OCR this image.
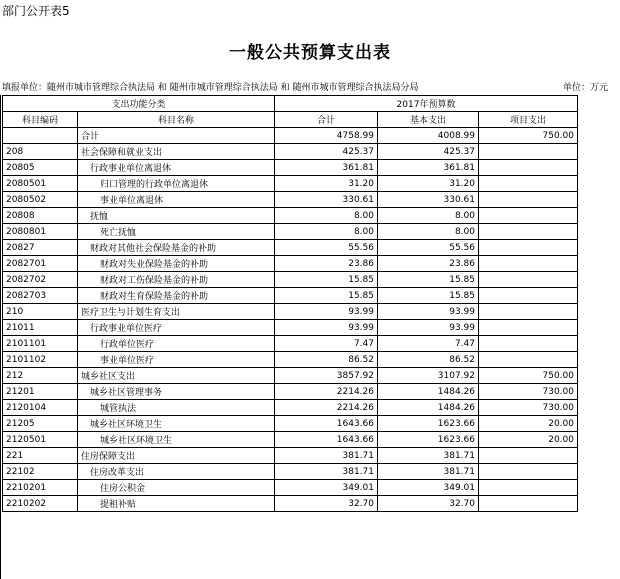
部门公开表5
一般公共预算支出表
填报单位：随州市城市管理综合执法局 和 随州市城市管理综合执法局 和 随州市城市管理综合执法局分局	单位：万元
支出功能分类		2017年预算数			
科目编码	科目名称	合计	基本支出	项目支出	
	合计	4758.99	4008.99	750.00	
208	社会保障和就业支出	425.37	425.37		
20805	行政事业单位离退休	361.81	361.81		
2080501	归口管理的行政单位离退休	31.20	31.20		
2080502	事业单位离退休	330.61	330.61		
20808	抚恤	8.00	8.00		
2080801	死亡抚恤	8.00	8.00		
20827	财政对其他社会保险基金的补助	55.56	55.56		
2082701	财政对失业保险基金的补助	23.86	23.86		
2082702	财政对工伤保险基金的补助	15.85	15.85		
2082703	财政对生育保险基金的补助	15.85	15.85		
210	医疗卫生与计划生育支出	93.99	93.99		
21011	行政事业单位医疗	93.99	93.99		
2101101	行政单位医疗	7.47	7.47		
2101102	事业单位医疗	86.52	86.52		
212	城乡社区支出	3857.92	3107.92	750.00	
21201	城乡社区管理事务	2214.26	1484.26	730.00	
2120104	城管执法	2214.26	1484.26	730.00	
21205	城乡社区环境卫生	1643.66	1623.66	20.00	
2120501	城乡社区环境卫生	1643.66	1623.66	20.00	
221	住房保障支出	381.71	381.71		
22102	住房改革支出	381.71	381.71		
2210201	住房公积金	349.01	349.01		
2210202	提租补贴	32.70	32.70		
